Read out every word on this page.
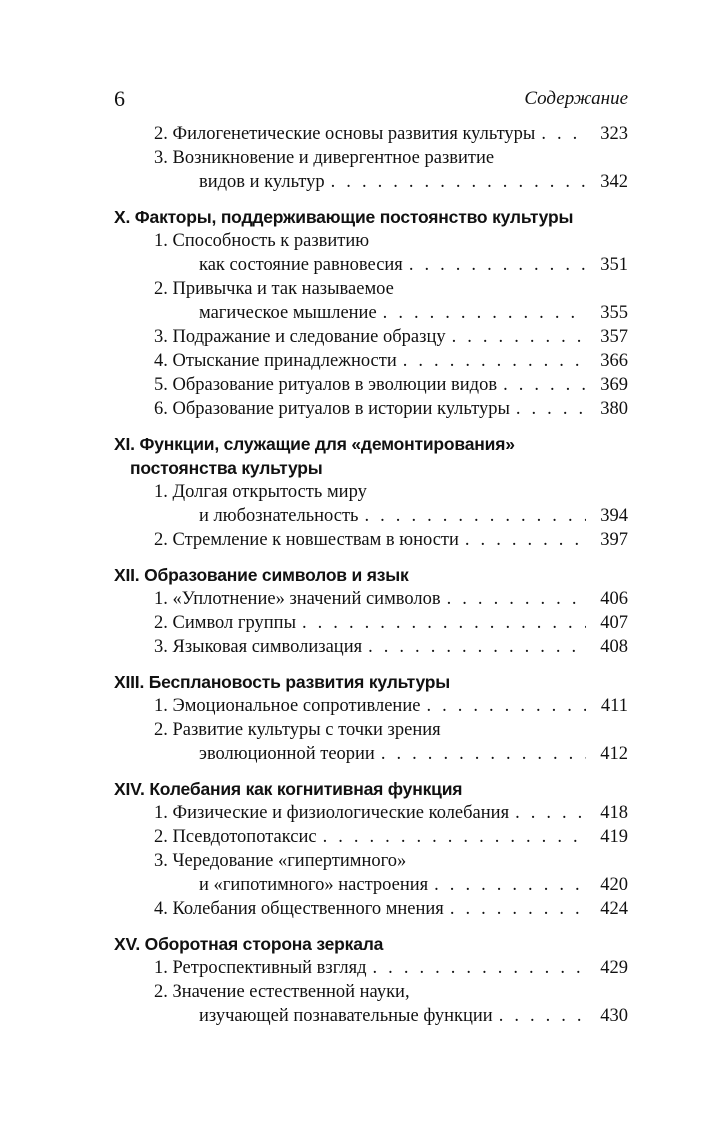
6	Содержание
2. Филогенетические основы развития культуры . . .	323
3. Возникновение и дивергентное развитие
видов и культур . . .	342
X. Факторы, поддерживающие постоянство культуры
1. Способность к развитию
как состояние равновесия . . .	351
2. Привычка и так называемое
магическое мышление . . .	355
3. Подражание и следование образцу . . .	357
4. Отыскание принадлежности . . .	366
5. Образование ритуалов в эволюции видов . . .	369
6. Образование ритуалов в истории культуры . . .	380
XI. Функции, служащие для «демонтирования»
постоянства культуры
1. Долгая открытость миру
и любознательность . . .	394
2. Стремление к новшествам в юности . . .	397
XII. Образование символов и язык
1. «Уплотнение» значений символов . . .	406
2. Символ группы . . .	407
3. Языковая символизация . . .	408
XIII. Бесплановость развития культуры
1. Эмоциональное сопротивление . . .	411
2. Развитие культуры с точки зрения
эволюционной теории . . .	412
XIV. Колебания как когнитивная функция
1. Физические и физиологические колебания . . .	418
2. Псевдотопотаксис . . .	419
3. Чередование «гипертимного»
и «гипотимного» настроения . . .	420
4. Колебания общественного мнения . . .	424
XV. Оборотная сторона зеркала
1. Ретроспективный взгляд . . .	429
2. Значение естественной науки,
изучающей познавательные функции . . .	430
